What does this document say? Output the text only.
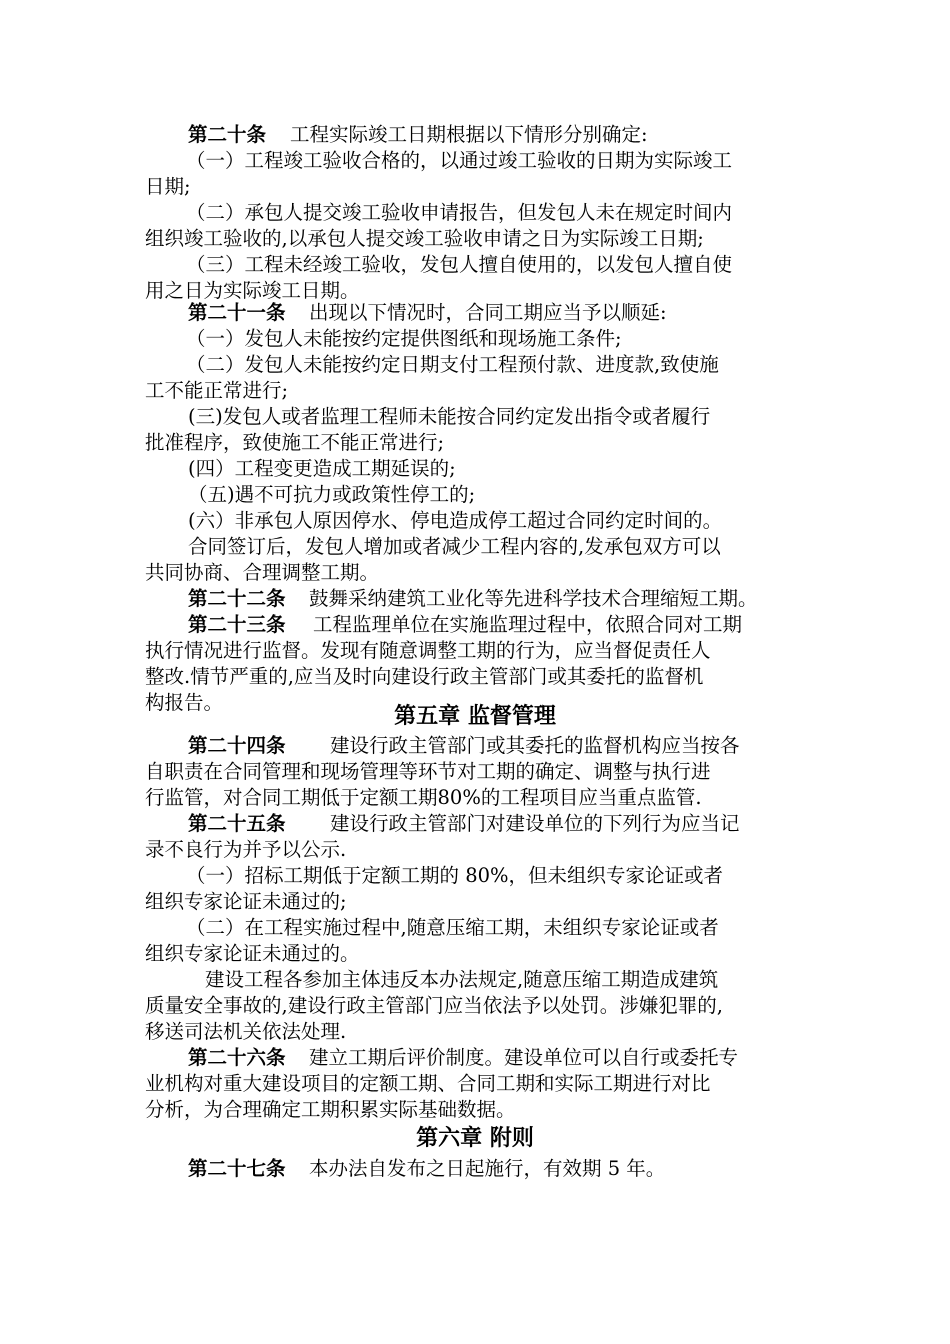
第二十条 工程实际竣工日期根据以下情形分别确定:
（一）工程竣工验收合格的，以通过竣工验收的日期为实际竣工
日期;
（二）承包人提交竣工验收申请报告，但发包人未在规定时间内
组织竣工验收的,以承包人提交竣工验收申请之日为实际竣工日期;
（三）工程未经竣工验收，发包人擅自使用的，以发包人擅自使
用之日为实际竣工日期。
第二十一条 出现以下情况时，合同工期应当予以顺延:
（一）发包人未能按约定提供图纸和现场施工条件;
（二）发包人未能按约定日期支付工程预付款、进度款,致使施
工不能正常进行;
(三)发包人或者监理工程师未能按合同约定发出指令或者履行
批准程序，致使施工不能正常进行;
(四）工程变更造成工期延误的;
（五)遇不可抗力或政策性停工的;
(六）非承包人原因停水、停电造成停工超过合同约定时间的。
合同签订后，发包人增加或者减少工程内容的,发承包双方可以
共同协商、合理调整工期。
第二十二条 鼓舞采纳建筑工业化等先进科学技术合理缩短工期。
第二十三条 工程监理单位在实施监理过程中，依照合同对工期
执行情况进行监督。发现有随意调整工期的行为，应当督促责任人
整改.情节严重的,应当及时向建设行政主管部门或其委托的监督机
构报告。
第五章 监督管理
第二十四条 建设行政主管部门或其委托的监督机构应当按各
自职责在合同管理和现场管理等环节对工期的确定、调整与执行进
行监管，对合同工期低于定额工期80%的工程项目应当重点监管.
第二十五条 建设行政主管部门对建设单位的下列行为应当记
录不良行为并予以公示.
（一）招标工期低于定额工期的 80%，但未组织专家论证或者
组织专家论证未通过的;
（二）在工程实施过程中,随意压缩工期，未组织专家论证或者
组织专家论证未通过的。
建设工程各参加主体违反本办法规定,随意压缩工期造成建筑
质量安全事故的,建设行政主管部门应当依法予以处罚。涉嫌犯罪的,
移送司法机关依法处理.
第二十六条 建立工期后评价制度。建设单位可以自行或委托专
业机构对重大建设项目的定额工期、合同工期和实际工期进行对比
分析，为合理确定工期积累实际基础数据。
第六章 附则
第二十七条 本办法自发布之日起施行，有效期 5 年。
